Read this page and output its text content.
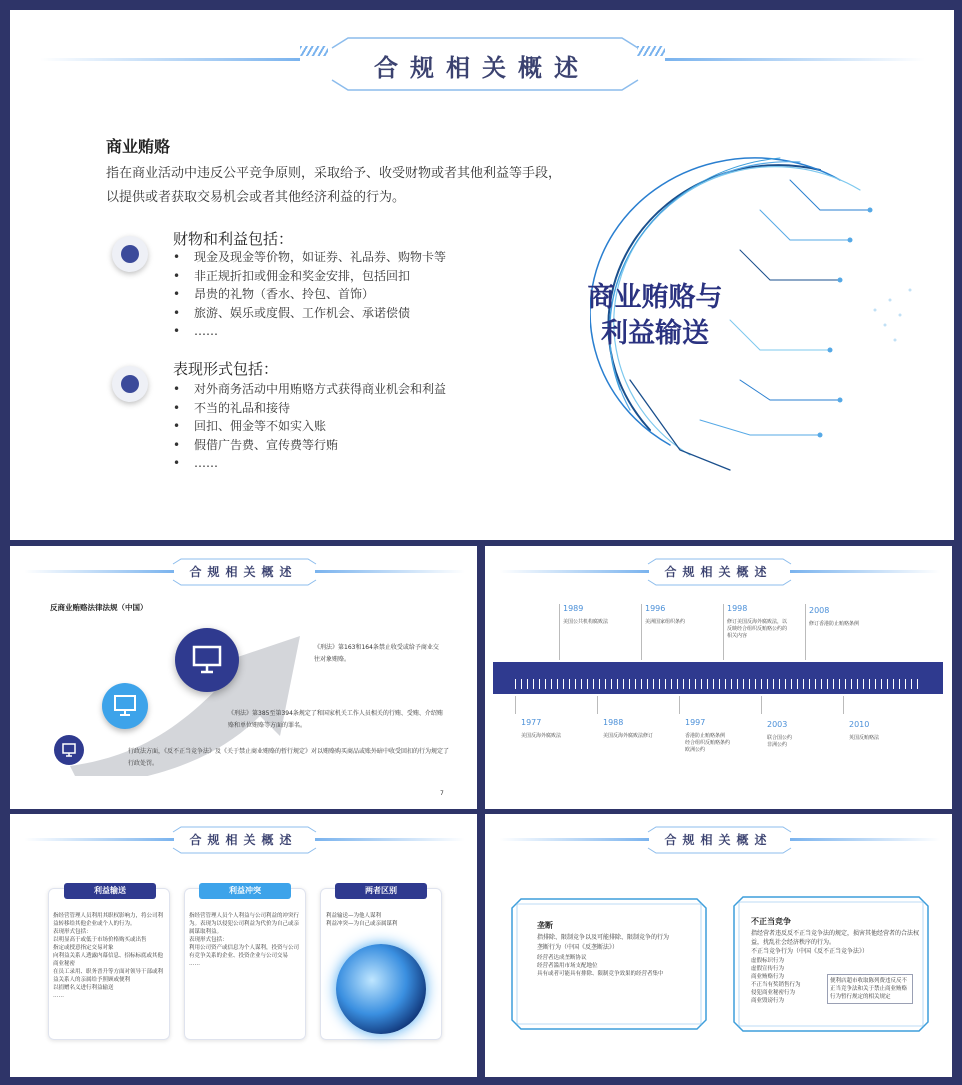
合规相关概述
商业贿赂
指在商业活动中违反公平竞争原则，采取给予、收受财物或者其他利益等手段，以提供或者获取交易机会或者其他经济利益的行为。
财物和利益包括：
• 现金及现金等价物，如证券、礼品券、购物卡等
• 非正规折扣或佣金和奖金安排，包括回扣
• 昂贵的礼物（香水、拎包、首饰）
• 旅游、娱乐或度假、工作机会、承诺偿债
• ……
表现形式包括：
• 对外商务活动中用贿赂方式获得商业机会和利益
• 不当的礼品和接待
• 回扣、佣金等不如实入账
• 假借广告费、宣传费等行贿
• ……
商业贿赂与
利益输送
合规相关概述
反商业贿赂法律法规（中国）
《刑法》第163和164条禁止收受或给予商业交往对象贿赂。
《刑法》第385至第394条规定了和国家机关工作人员相关的行贿、受贿、介绍贿赂和单位贿赂等方面的罪名。
行政法方面，《反不正当竞争法》及《关于禁止商业贿赂的暂行规定》对以贿赂购买商品或账外暗中收受回扣的行为规定了行政处罚。
7
合规相关概述
1989
美国公共机构腐败法
1996
美洲国家组织条约
1998
修订美国反海外腐败法，以反映经合组织反贿赂公约的相关内容
2008
修订香港防止贿赂条例
1977
美国反海外腐败法
1988
美国反海外腐败法修订
1997
香港防止贿赂条例
经合组织反贿赂条约
欧洲公约
2003
联合国公约
非洲公约
2010
英国反贿赂法
合规相关概述
利益输送
指经营管理人员利用其职权影响力，将公司利益转移给其他企业或个人的行为。
表现形式包括：
以明显高于或低于市场价格购买或出售
指定或授意指定交易对象
向利益关系人透露内幕信息、招标标底或其他商业秘密
在员工录用、职务晋升等方面对领导干部或利益关系人的亲属给予照顾或便利
以捐赠名义进行利益输送
……
利益冲突
指经营管理人员个人利益与公司利益的冲突行为。表现为以侵犯公司利益为代价为自己或亲属谋取利益。
表现形式包括：
利用公司资产或信息为个人谋利，投资与公司有竞争关系的企业、投资企业与公司交易
……
两者区别
利益输送—为他人谋利
利益冲突—为自己或亲属谋利
合规相关概述
垄断
指排除、限制竞争以及可能排除、限制竞争的行为
垄断行为（中国《反垄断法》）
经营者达成垄断协议
经营者滥用市场支配地位
具有或者可能具有排除、限制竞争效果的经营者集中
不正当竞争
指经营者违反反不正当竞争法的规定，损害其他经营者的合法权益，扰乱社会经济秩序的行为。
不正当竞争行为（中国《反不正当竞争法》）
虚假标识行为
虚假宣传行为
商业贿赂行为
不正当有奖销售行为
侵犯商业秘密行为
商业毁谤行为
便利店超市收取陈列费违反反不正当竞争法和关于禁止商业贿赂行为暂行规定的相关规定
